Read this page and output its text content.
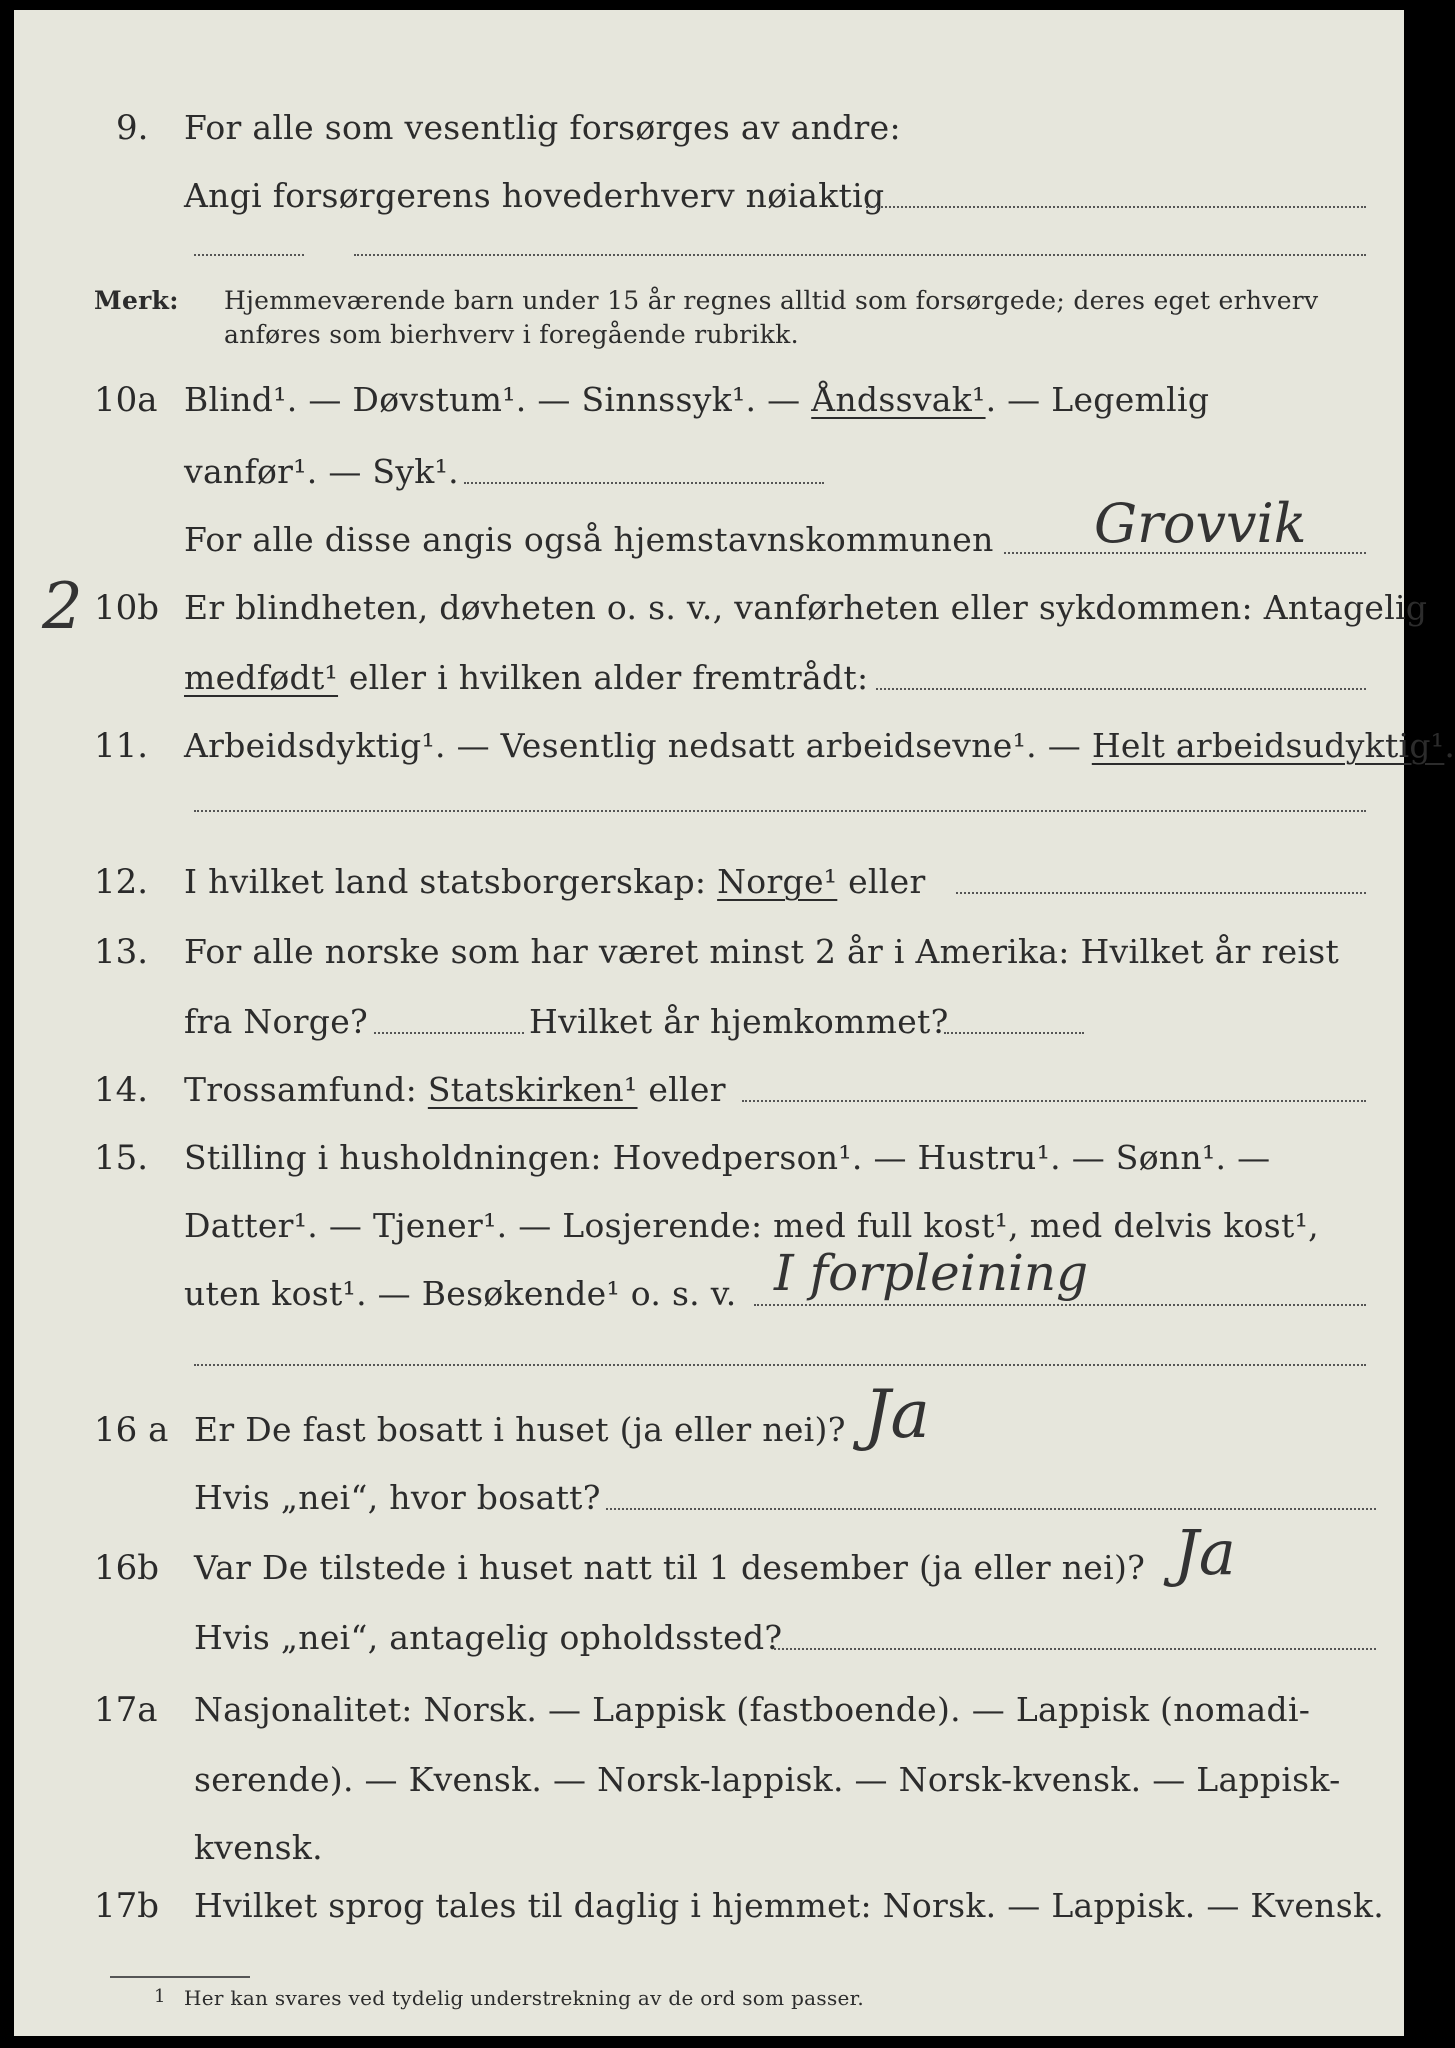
9. For alle som vesentlig forsørges av andre:
Angi forsørgerens hovederhverv nøiaktig
Merk: Hjemmeværende barn under 15 år regnes alltid som forsørgede; deres eget erhverv
anføres som bierhverv i foregående rubrikk.
10a Blind¹. — Døvstum¹. — Sinnssyk¹. — Åndssvak¹. — Legemlig
vanfør¹. — Syk¹.
For alle disse angis også hjemstavnskommunen Grovvik
2 10b Er blindheten, døvheten o. s. v., vanførheten eller sykdommen: Antagelig
medfødt¹ eller i hvilken alder fremtrådt:
11. Arbeidsdyktig¹. — Vesentlig nedsatt arbeidsevne¹. — Helt arbeidsudyktig¹.
12. I hvilket land statsborgerskap: Norge¹ eller
13. For alle norske som har været minst 2 år i Amerika: Hvilket år reist
fra Norge?	Hvilket år hjemkommet?
14. Trossamfund: Statskirken¹ eller
15. Stilling i husholdningen: Hovedperson¹. — Hustru¹. — Sønn¹. —
Datter¹. — Tjener¹. — Losjerende: med full kost¹, med delvis kost¹,
uten kost¹. — Besøkende¹ o. s. v. I forpleining
16 a Er De fast bosatt i huset (ja eller nei)? Ja
Hvis „nei“, hvor bosatt?
16b Var De tilstede i huset natt til 1 desember (ja eller nei)? Ja
Hvis „nei“, antagelig opholdssted?
17a Nasjonalitet: Norsk. — Lappisk (fastboende). — Lappisk (nomadi-
serende). — Kvensk. — Norsk-lappisk. — Norsk-kvensk. — Lappisk-
kvensk.
17b Hvilket sprog tales til daglig i hjemmet: Norsk. — Lappisk. — Kvensk.
1 Her kan svares ved tydelig understrekning av de ord som passer.
